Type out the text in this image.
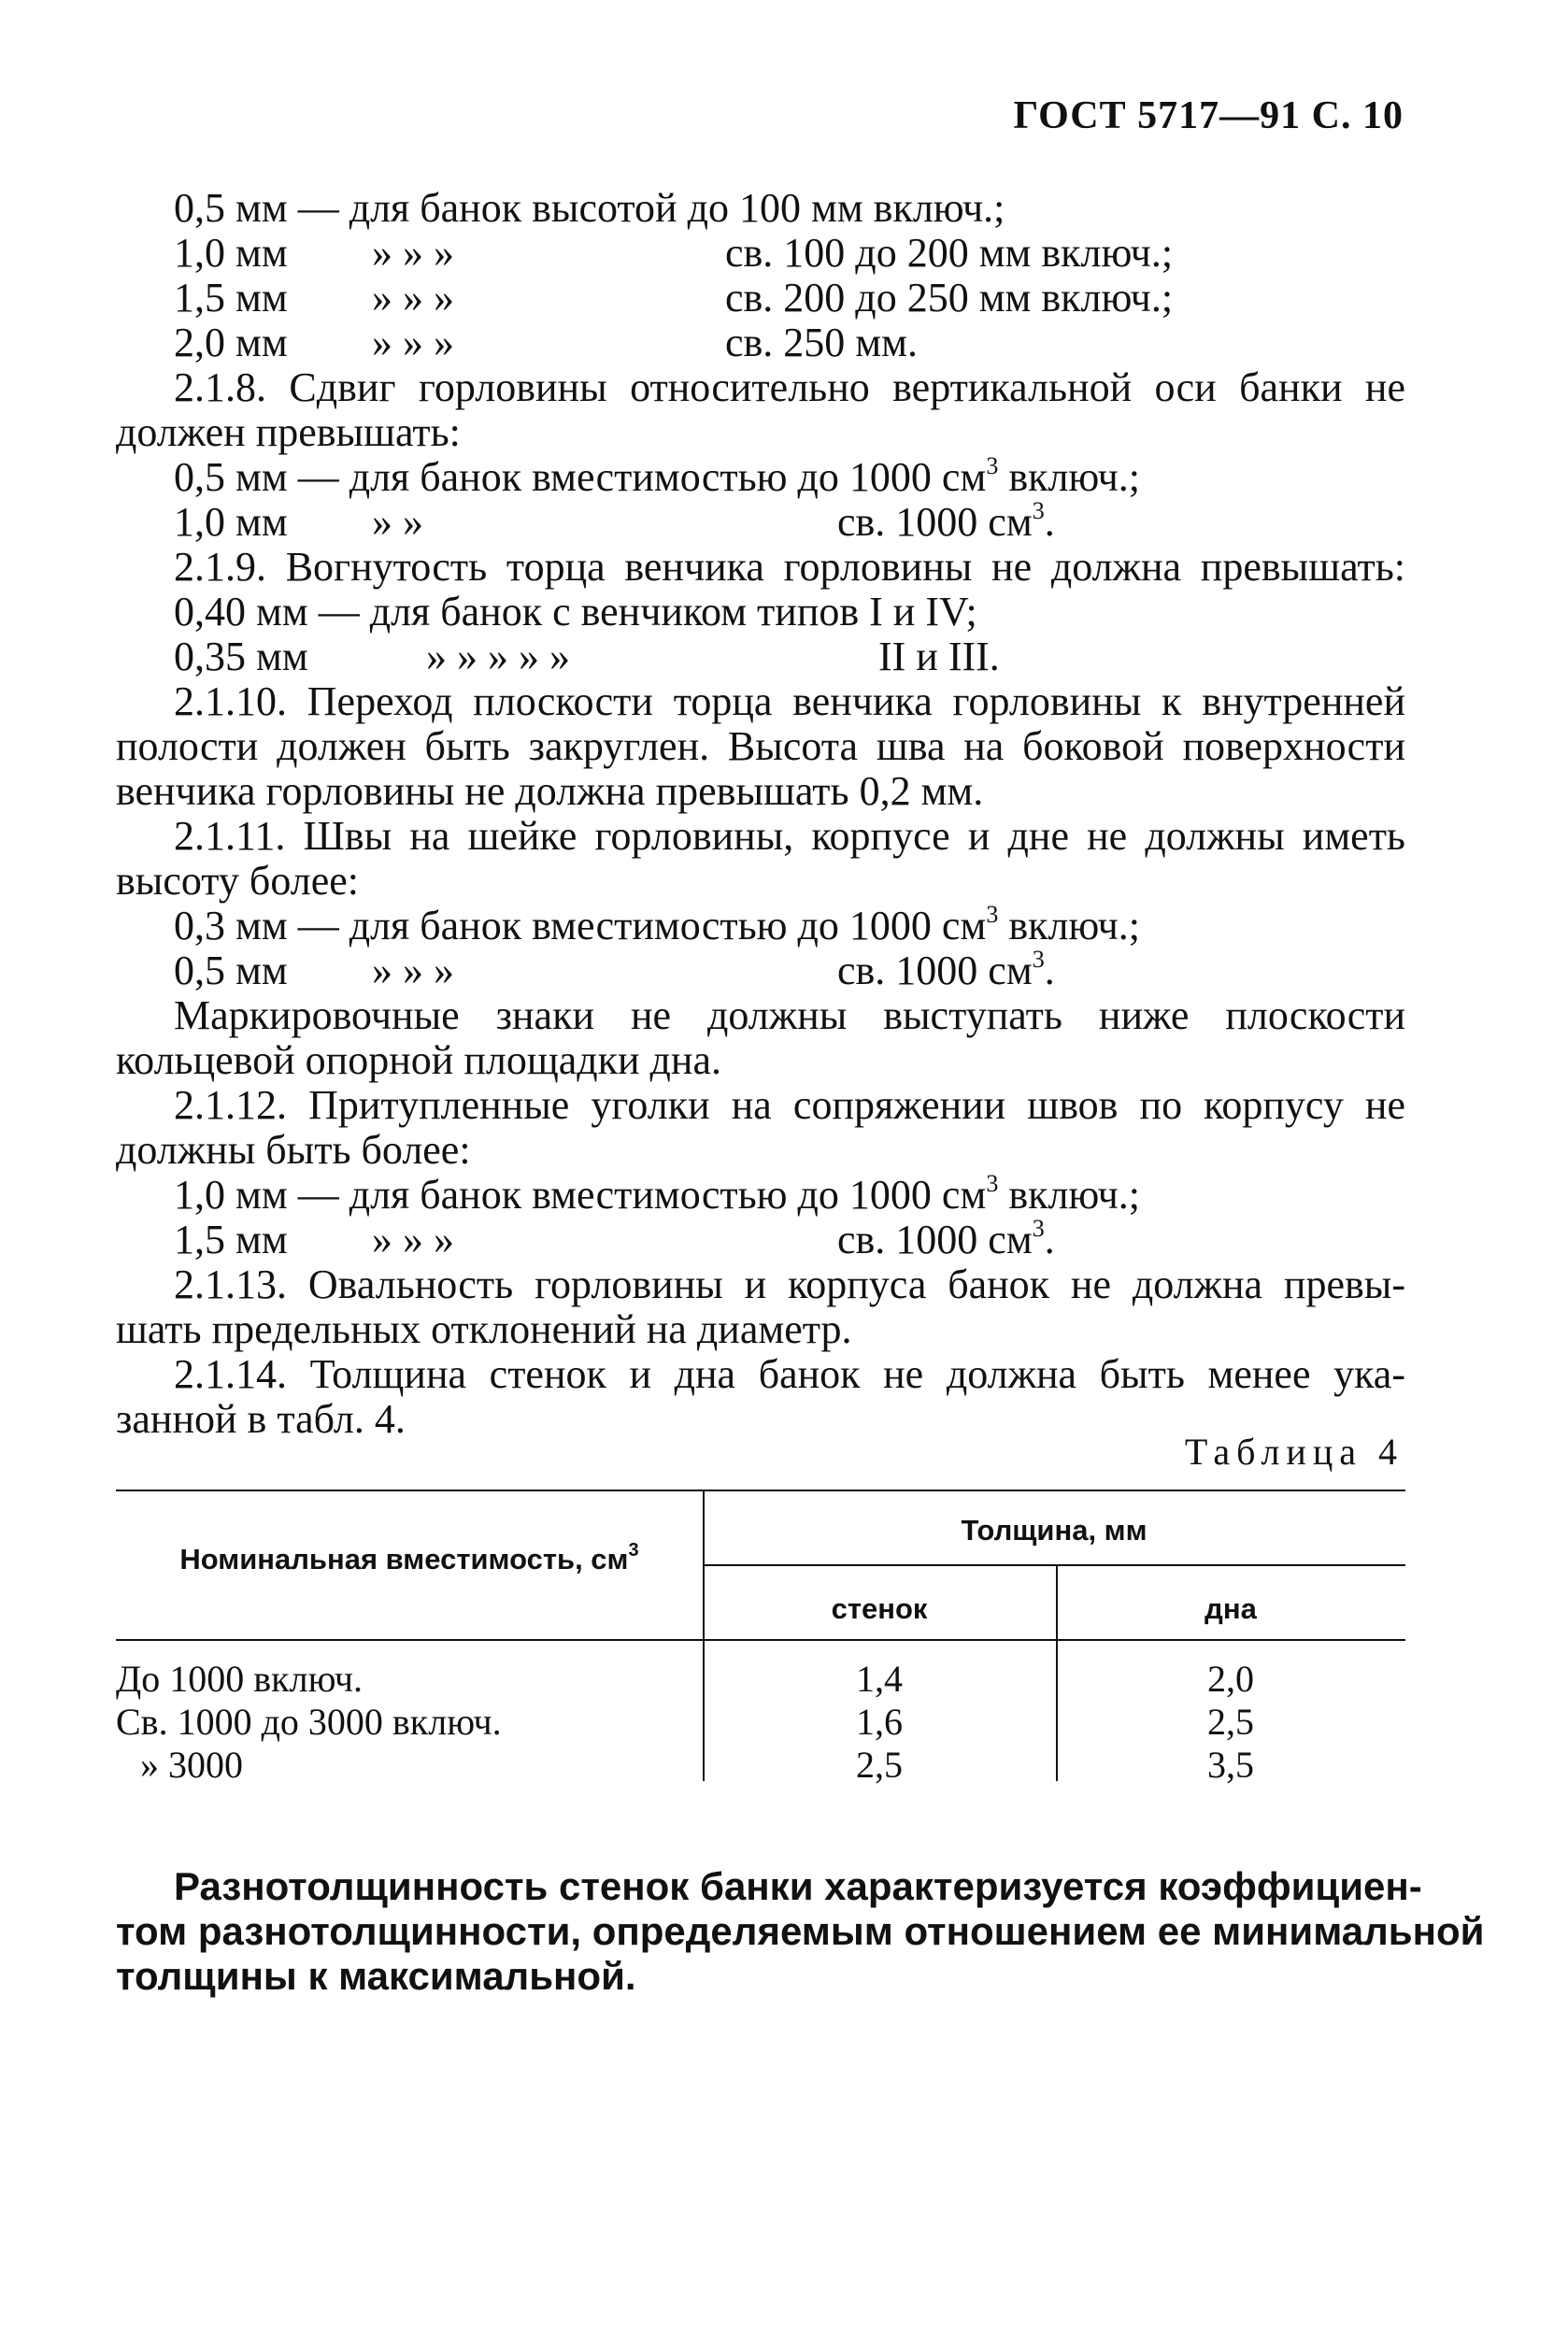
ГОСТ 5717—91 С. 10
0,5 мм — для банок высотой до 100 мм включ.;
1,0 мм » » »	св. 100 до 200 мм включ.;
1,5 мм » » »	св. 200 до 250 мм включ.;
2,0 мм » » »	св. 250 мм.
2.1.8. Сдвиг горловины относительно вертикальной оси банки не
должен превышать:
0,5 мм — для банок вместимостью до 1000 $см^3$ включ.;
1,0 мм » »	св. 1000 $см^3$.
2.1.9. Вогнутость торца венчика горловины не должна превышать:
0,40 мм — для банок с венчиком типов I и IV;
0,35 мм	» » » » »	II и III.
2.1.10. Переход плоскости торца венчика горловины к внутренней
полости должен быть закруглен. Высота шва на боковой поверхности
венчика горловины не должна превышать 0,2 мм.
2.1.11. Швы на шейке горловины, корпусе и дне не должны иметь
высоту более:
0,3 мм — для банок вместимостью до 1000 $см^3$ включ.;
0,5 мм » » »	св. 1000 $см^3$.
Маркировочные знаки не должны выступать ниже плоскости
кольцевой опорной площадки дна.
2.1.12. Притупленные уголки на сопряжении швов по корпусу не
должны быть более:
1,0 мм — для банок вместимостью до 1000 $см^3$ включ.;
1,5 мм » » »	св. 1000 $см^3$.
2.1.13. Овальность горловины и корпуса банок не должна превы-
шать предельных отклонений на диаметр.
2.1.14. Толщина стенок и дна банок не должна быть менее ука-
занной в табл. 4.
Таблица 4
Номинальная вместимость, $см^3$
Толщина, мм
стенок	дна
До 1000 включ.	1,4	2,0
Св. 1000 до 3000 включ.	1,6	2,5
» 3000	2,5	3,5
Разнотолщинность стенок банки характеризуется коэффициен-
том разнотолщинности, определяемым отношением ее минимальной
толщины к максимальной.
